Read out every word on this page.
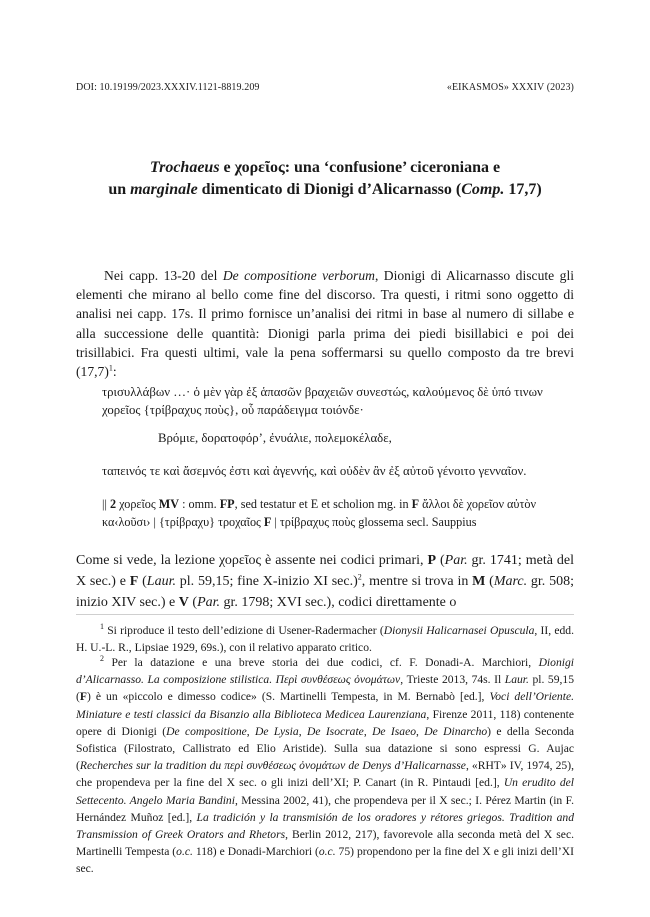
DOI: 10.19199/2023.XXXIV.1121-8819.209	«EIKASMOS» XXXIV (2023)
Trochaeus e χορεῖος: una ‘confusione’ ciceroniana e
un marginale dimenticato di Dionigi d’Alicarnasso (Comp. 17,7)

Nei capp. 13-20 del De compositione verborum, Dionigi di Alicarnasso discute gli elementi che mirano al bello come fine del discorso. Tra questi, i ritmi sono oggetto di analisi nei capp. 17s. Il primo fornisce un’analisi dei ritmi in base al numero di sillabe e alla successione delle quantità: Dionigi parla prima dei piedi bisillabici e poi dei trisillabici. Fra questi ultimi, vale la pena soffermarsi su quello composto da tre brevi $(17,7)^1$:

τρισυλλάβων …· ὁ μὲν γὰρ ἐξ ἁπασῶν βραχειῶν συνεστώς, καλούμενος δὲ ὑπό τινων χορεῖος {τρίβραχυς ποὺς}, οὗ παράδειγμα τοιόνδε·
Βρόμιε, δορατοφόρ’, ἐνυάλιε, πολεμοκέλαδε,
ταπεινός τε καὶ ἄσεμνός ἐστι καὶ ἀγεννής, καὶ οὐδὲν ἂν ἐξ αὐτοῦ γένοιτο γενναῖον.
|| 2 χορεῖος MV : omm. FP, sed testatur et E et scholion mg. in F ἄλλοι δὲ χορεῖον αὐτὸν κα‹λοῦσι› | {τρίβραχυ} τροχαῖος F | τρίβραχυς ποὺς glossema secl. Sauppius

Come si vede, la lezione χορεῖος è assente nei codici primari, P (Par. gr. 1741; metà del X sec.) e F (Laur. pl. 59,15; fine X-inizio XI sec.)$^2$, mentre si trova in M (Marc. gr. 508; inizio XIV sec.) e V (Par. gr. 1798; XVI sec.), codici direttamente o

$^1$ Si riproduce il testo dell’edizione di Usener-Radermacher (Dionysii Halicarnasei Opuscula, II, edd. H. U.-L. R., Lipsiae 1929, 69s.), con il relativo apparato critico.

$^2$ Per la datazione e una breve storia dei due codici, cf. F. Donadi-A. Marchiori, Dionigi d’Alicarnasso. La composizione stilistica. Περὶ συνθέσεως ὀνομάτων, Trieste 2013, 74s. Il Laur. pl. 59,15 (F) è un «piccolo e dimesso codice» (S. Martinelli Tempesta, in M. Bernabò [ed.], Voci dell’Oriente. Miniature e testi classici da Bisanzio alla Biblioteca Medicea Laurenziana, Firenze 2011, 118) contenente opere di Dionigi (De compositione, De Lysia, De Isocrate, De Isaeo, De Dinarcho) e della Seconda Sofistica (Filostrato, Callistrato ed Elio Aristide). Sulla sua datazione si sono espressi G. Aujac (Recherches sur la tradition du περὶ συνθέσεως ὀνομάτων de Denys d’Halicarnasse, «RHT» IV, 1974, 25), che propendeva per la fine del X sec. o gli inizi dell’XI; P. Canart (in R. Pintaudi [ed.], Un erudito del Settecento. Angelo Maria Bandini, Messina 2002, 41), che propendeva per il X sec.; I. Pérez Martin (in F. Hernández Muñoz [ed.], La tradición y la transmisión de los oradores y rétores griegos. Tradition and Transmission of Greek Orators and Rhetors, Berlin 2012, 217), favorevole alla seconda metà del X sec. Martinelli Tempesta (o.c. 118) e Donadi-Marchiori (o.c. 75) propendono per la fine del X e gli inizi dell’XI sec.
